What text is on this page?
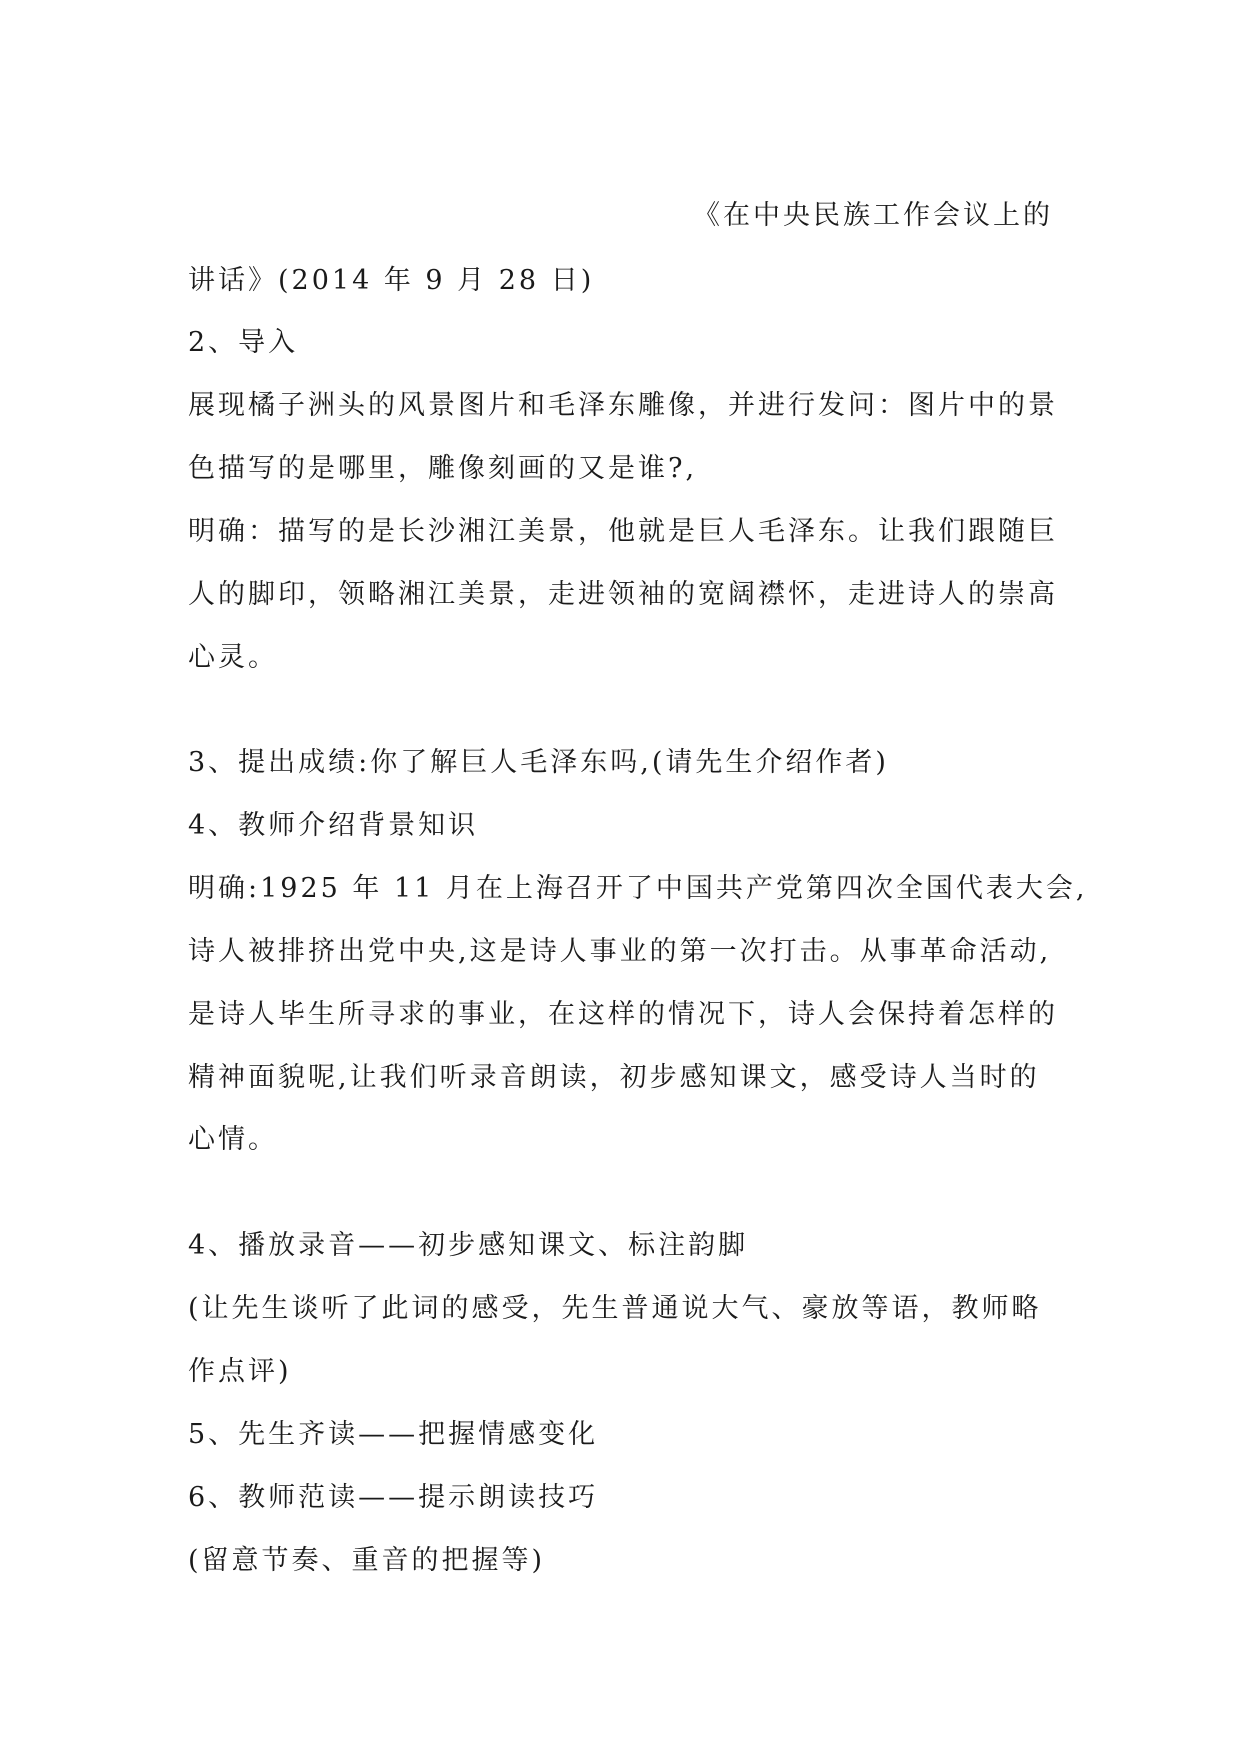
《在中央民族工作会议上的
讲话》(2014 年 9 月 28 日)
2、导入
展现橘子洲头的风景图片和毛泽东雕像，并进行发问：图片中的景
色描写的是哪里，雕像刻画的又是谁?,
明确：描写的是长沙湘江美景，他就是巨人毛泽东。让我们跟随巨
人的脚印，领略湘江美景，走进领袖的宽阔襟怀，走进诗人的崇高
心灵。
3、提出成绩:你了解巨人毛泽东吗,(请先生介绍作者)
4、教师介绍背景知识
明确:1925 年 11 月在上海召开了中国共产党第四次全国代表大会,
诗人被排挤出党中央,这是诗人事业的第一次打击。从事革命活动,
是诗人毕生所寻求的事业，在这样的情况下，诗人会保持着怎样的
精神面貌呢,让我们听录音朗读，初步感知课文，感受诗人当时的
心情。
4、播放录音——初步感知课文、标注韵脚
(让先生谈听了此词的感受，先生普通说大气、豪放等语，教师略
作点评)
5、先生齐读——把握情感变化
6、教师范读——提示朗读技巧
(留意节奏、重音的把握等)
